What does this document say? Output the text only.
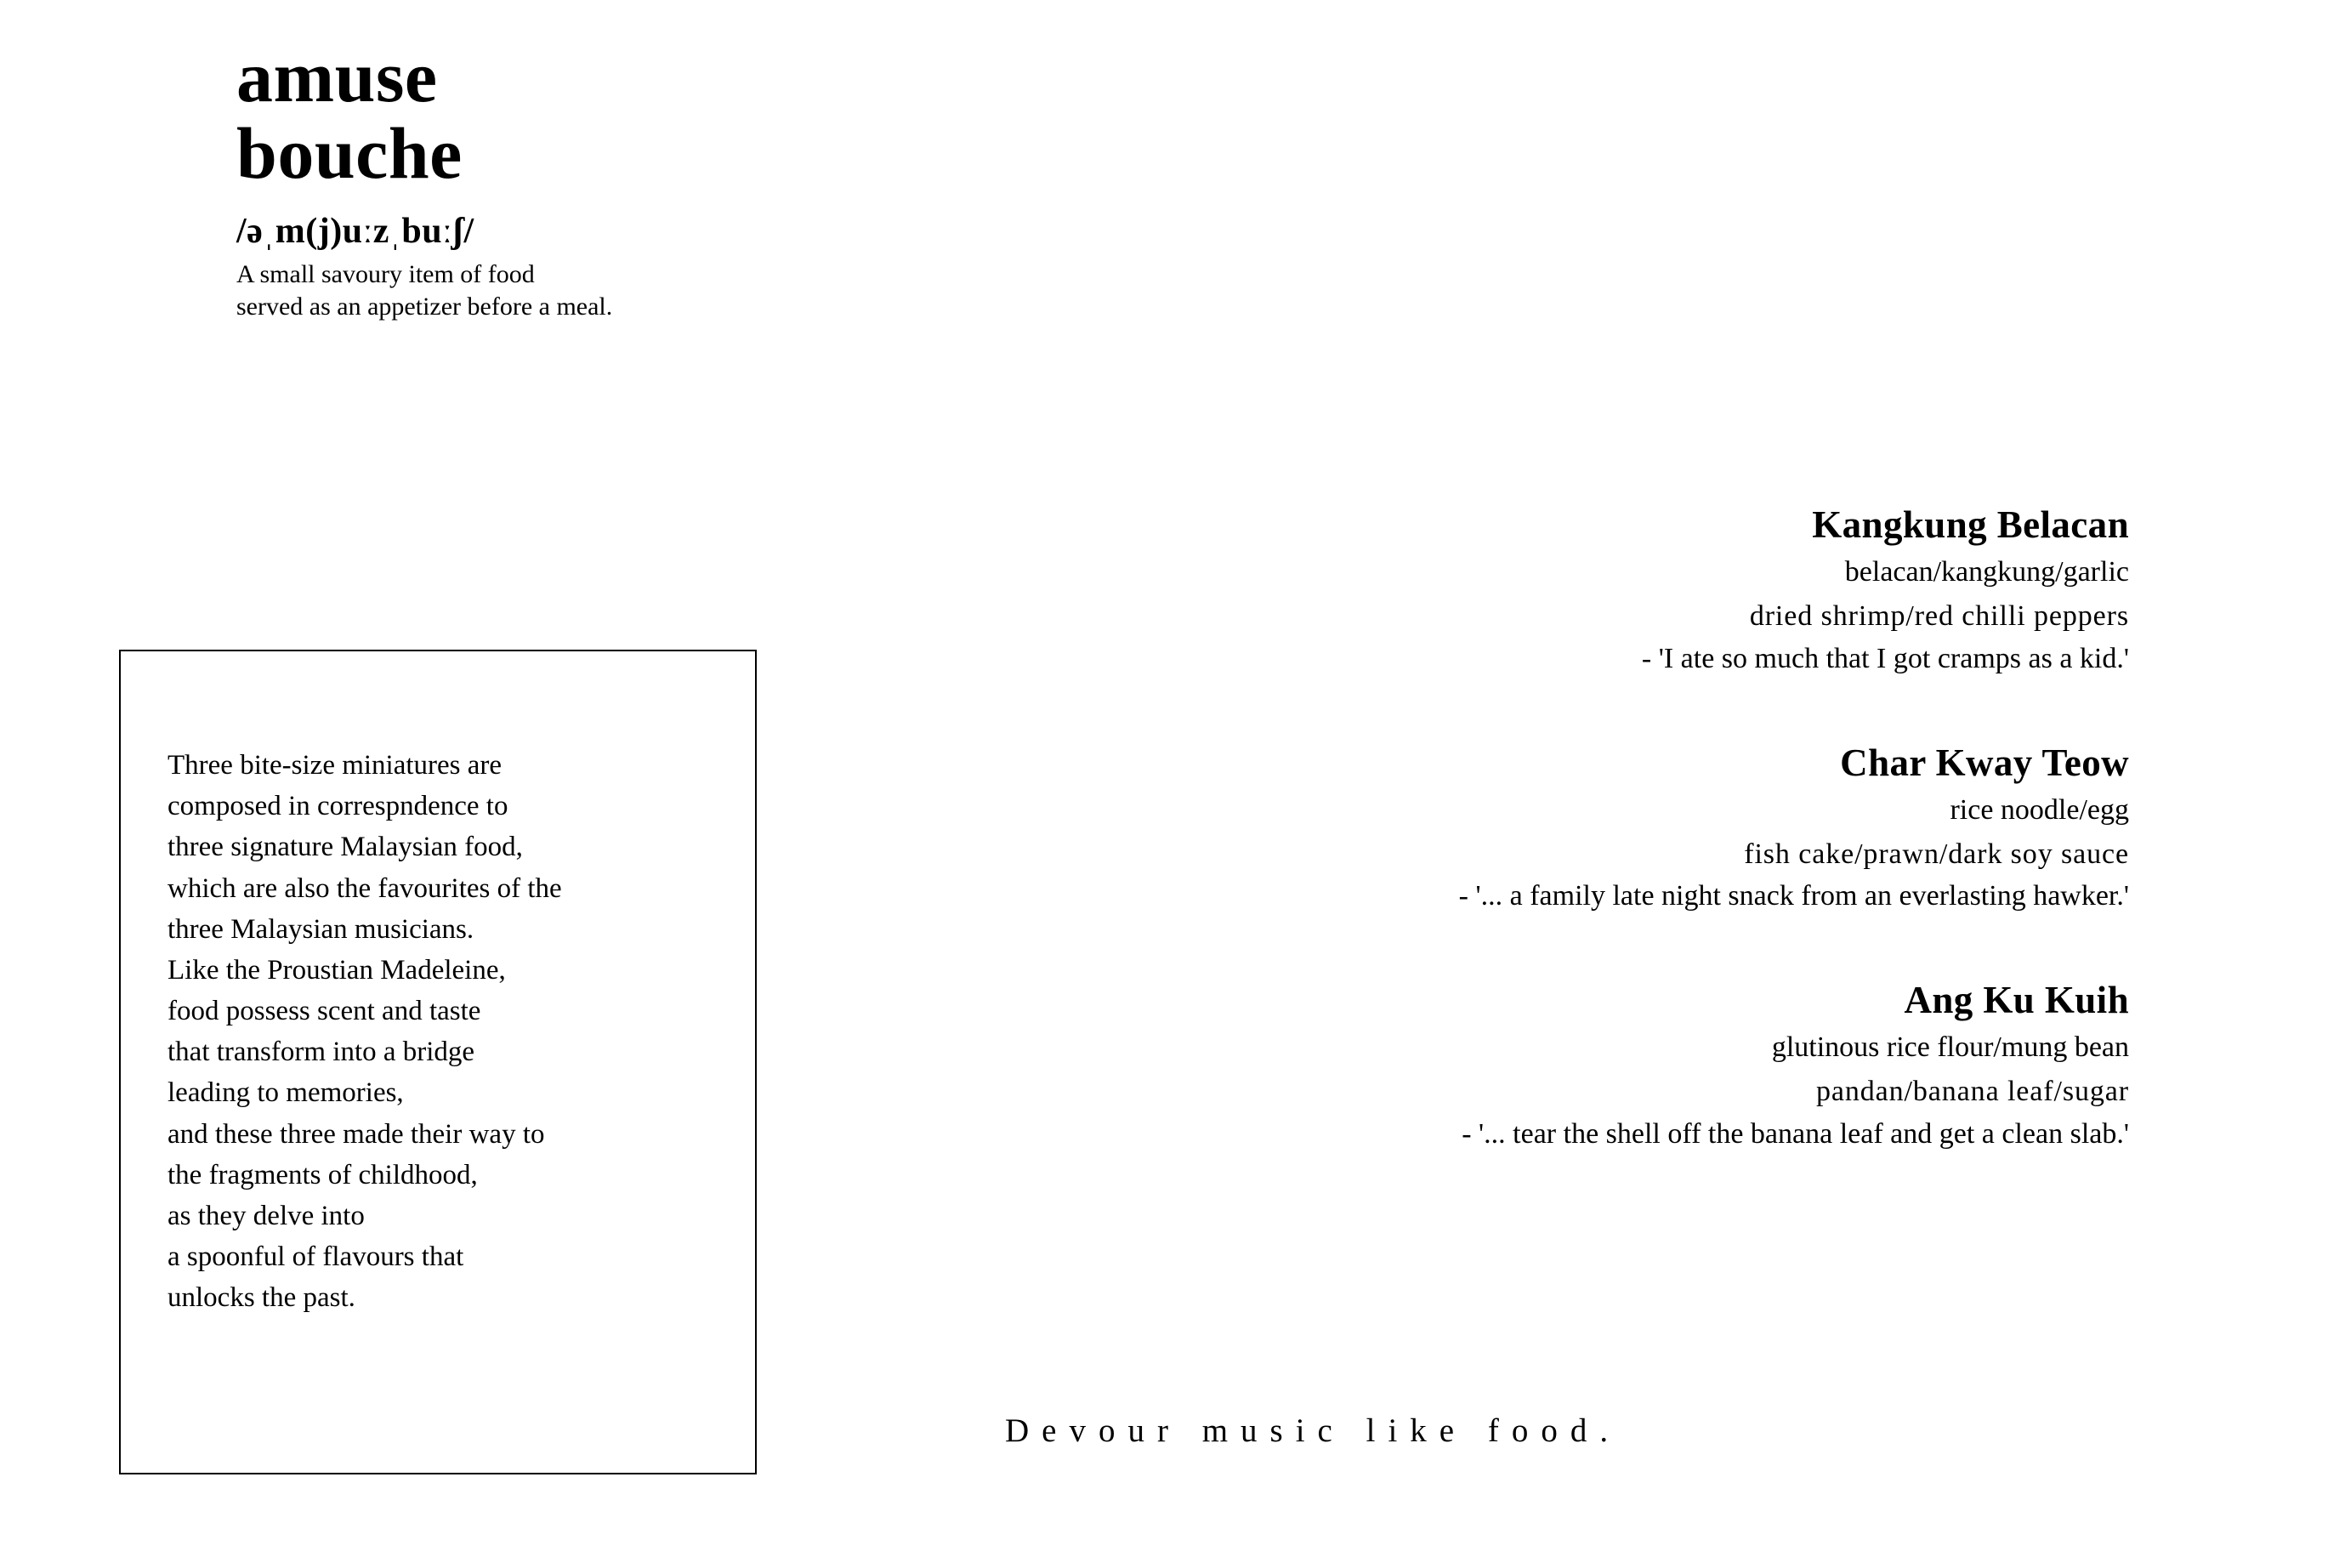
amuse
bouche
/əˌm(j)uːzˌbuːʃ/
A small savoury item of food
served as an appetizer before a meal.
Three bite-size miniatures are
composed in correspndence to
three signature Malaysian food,
which are also the favourites of the
three Malaysian musicians.
Like the Proustian Madeleine,
food possess scent and taste
that transform into a bridge
leading to memories,
and these three made their way to
the fragments of childhood,
as they delve into
a spoonful of flavours that
unlocks the past.
Kangkung Belacan
belacan/kangkung/garlic
dried shrimp/red chilli peppers
- 'I ate so much that I got cramps as a kid.'
Char Kway Teow
rice noodle/egg
fish cake/prawn/dark soy sauce
- '... a family late night snack from an everlasting hawker.'
Ang Ku Kuih
glutinous rice flour/mung bean
pandan/banana leaf/sugar
- '... tear the shell off the banana leaf and get a clean slab.'
Devour music like food.
